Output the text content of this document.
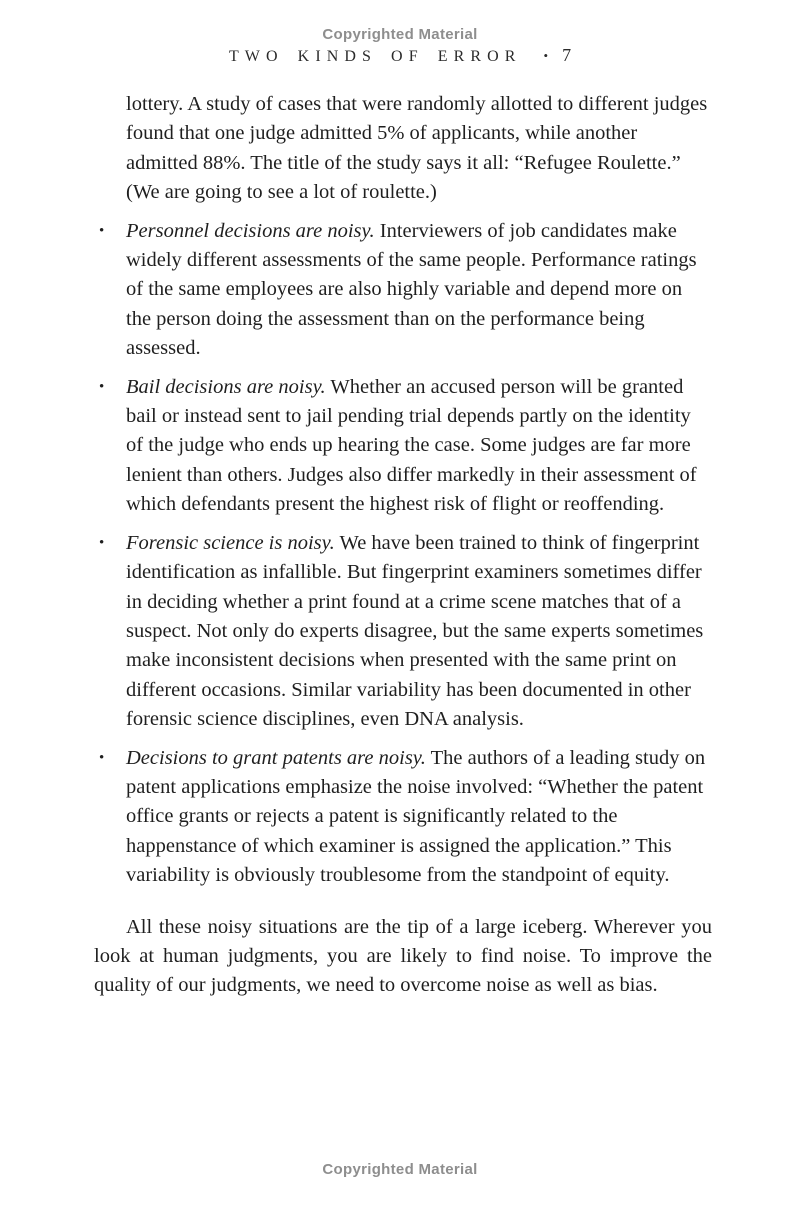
Copyrighted Material
TWO KINDS OF ERROR • 7

lottery. A study of cases that were randomly allotted to different judges found that one judge admitted 5% of applicants, while another admitted 88%. The title of the study says it all: “Refugee Roulette.” (We are going to see a lot of roulette.)

•	Personnel decisions are noisy. Interviewers of job candidates make widely different assessments of the same people. Performance ratings of the same employees are also highly variable and depend more on the person doing the assessment than on the performance being assessed.
•	Bail decisions are noisy. Whether an accused person will be granted bail or instead sent to jail pending trial depends partly on the identity of the judge who ends up hearing the case. Some judges are far more lenient than others. Judges also differ markedly in their assessment of which defendants present the highest risk of flight or reoffending.
•	Forensic science is noisy. We have been trained to think of fingerprint identification as infallible. But fingerprint examiners sometimes differ in deciding whether a print found at a crime scene matches that of a suspect. Not only do experts disagree, but the same experts sometimes make inconsistent decisions when presented with the same print on different occasions. Similar variability has been documented in other forensic science disciplines, even DNA analysis.
•	Decisions to grant patents are noisy. The authors of a leading study on patent applications emphasize the noise involved: “Whether the patent office grants or rejects a patent is significantly related to the happenstance of which examiner is assigned the application.” This variability is obviously troublesome from the standpoint of equity.

All these noisy situations are the tip of a large iceberg. Wherever you look at human judgments, you are likely to find noise. To improve the quality of our judgments, we need to overcome noise as well as bias.

Copyrighted Material
